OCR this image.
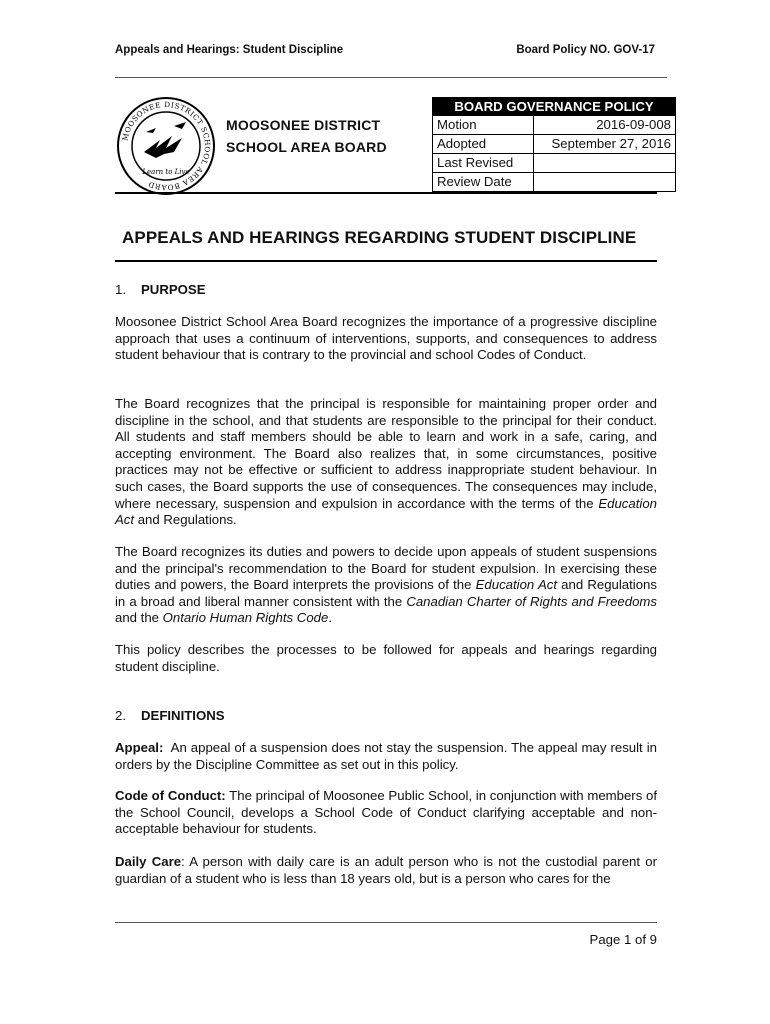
Appeals and Hearings: Student Discipline	Board Policy NO. GOV-17
MOOSONEE DISTRICT SCHOOL AREA BOARD
Learn to Live
MOOSONEE DISTRICT
SCHOOL AREA BOARD
BOARD GOVERNANCE POLICY	
Motion	2016-09-008
Adopted	September 27, 2016
Last Revised	
Review Date	
APPEALS AND HEARINGS REGARDING STUDENT DISCIPLINE
1. PURPOSE
Moosonee District School Area Board recognizes the importance of a progressive discipline approach that uses a continuum of interventions, supports, and consequences to address student behaviour that is contrary to the provincial and school Codes of Conduct.
The Board recognizes that the principal is responsible for maintaining proper order and discipline in the school, and that students are responsible to the principal for their conduct. All students and staff members should be able to learn and work in a safe, caring, and accepting environment. The Board also realizes that, in some circumstances, positive practices may not be effective or sufficient to address inappropriate student behaviour. In such cases, the Board supports the use of consequences. The consequences may include, where necessary, suspension and expulsion in accordance with the terms of the Education Act and Regulations.
The Board recognizes its duties and powers to decide upon appeals of student suspensions and the principal's recommendation to the Board for student expulsion. In exercising these duties and powers, the Board interprets the provisions of the Education Act and Regulations in a broad and liberal manner consistent with the Canadian Charter of Rights and Freedoms and the Ontario Human Rights Code.
This policy describes the processes to be followed for appeals and hearings regarding student discipline.
2. DEFINITIONS
Appeal:  An appeal of a suspension does not stay the suspension. The appeal may result in orders by the Discipline Committee as set out in this policy.
Code of Conduct: The principal of Moosonee Public School, in conjunction with members of the School Council, develops a School Code of Conduct clarifying acceptable and non-acceptable behaviour for students.
Daily Care: A person with daily care is an adult person who is not the custodial parent or guardian of a student who is less than 18 years old, but is a person who cares for the
Page 1 of 9
